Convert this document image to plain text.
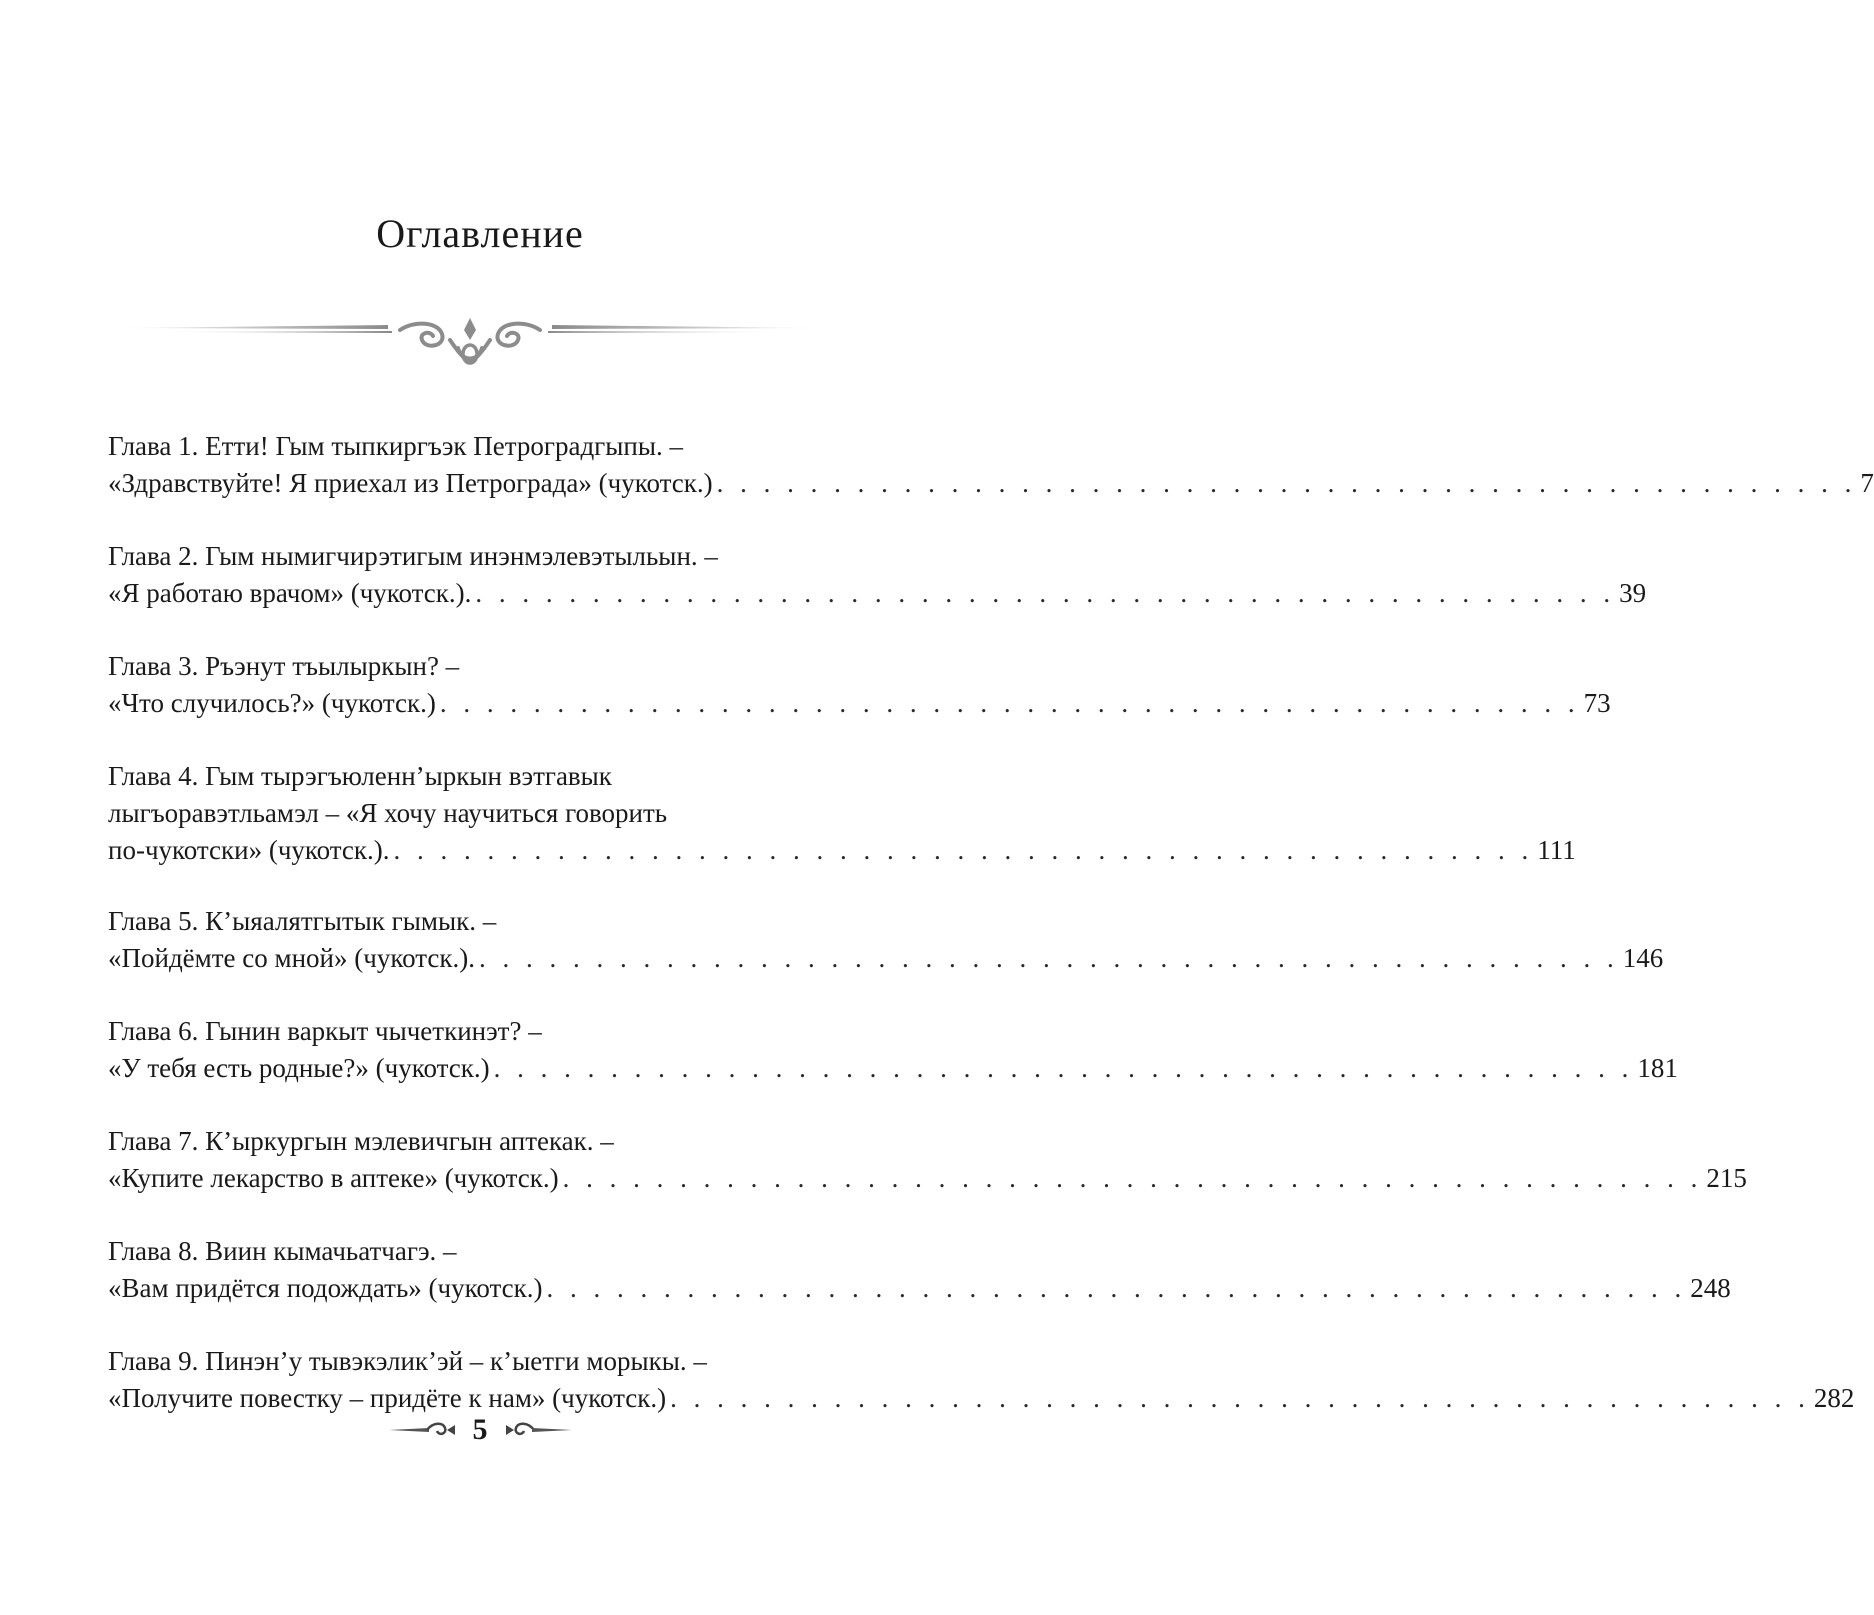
Оглавление
Глава 1. Етти! Гым тыпкиргъэк Петроградгыпы. –
«Здравствуйте! Я приехал из Петрограда» (чукотск.) . . . . . . . . . . . . . . . . . . . . . . . . . . . . . . . . . . . . . . . . . . . . . . . . . 7
Глава 2. Гым нымигчирэтигым инэнмэлевэтыльын. –
«Я работаю врачом» (чукотск.). . . . . . . . . . . . . . . . . . . . . . . . . . . . . . . . . . . . . . . . . . . . . . . . . . 39
Глава 3. Ръэнут тъылыркын? –
«Что случилось?» (чукотск.) . . . . . . . . . . . . . . . . . . . . . . . . . . . . . . . . . . . . . . . . . . . . . . . . . 73
Глава 4. Гым тырэгъюленн’ыркын вэтгавык
лыгъоравэтльамэл – «Я хочу научиться говорить
по-чукотски» (чукотск.). . . . . . . . . . . . . . . . . . . . . . . . . . . . . . . . . . . . . . . . . . . . . . . . . . 111
Глава 5. К’ыяалятгытык гымык. –
«Пойдёмте со мной» (чукотск.). . . . . . . . . . . . . . . . . . . . . . . . . . . . . . . . . . . . . . . . . . . . . . . . . . 146
Глава 6. Гынин варкыт чычеткинэт? –
«У тебя есть родные?» (чукотск.) . . . . . . . . . . . . . . . . . . . . . . . . . . . . . . . . . . . . . . . . . . . . . . . . . 181
Глава 7. К’ыркургын мэлевичгын аптекак. –
«Купите лекарство в аптеке» (чукотск.) . . . . . . . . . . . . . . . . . . . . . . . . . . . . . . . . . . . . . . . . . . . . . . . . . 215
Глава 8. Виин кымачьатчагэ. –
«Вам придётся подождать» (чукотск.) . . . . . . . . . . . . . . . . . . . . . . . . . . . . . . . . . . . . . . . . . . . . . . . . . 248
Глава 9. Пинэн’у тывэкэлик’эй – к’ыетги морыкы. –
«Получите повестку – придёте к нам» (чукотск.) . . . . . . . . . . . . . . . . . . . . . . . . . . . . . . . . . . . . . . . . . . . . . . . . . 282
5
